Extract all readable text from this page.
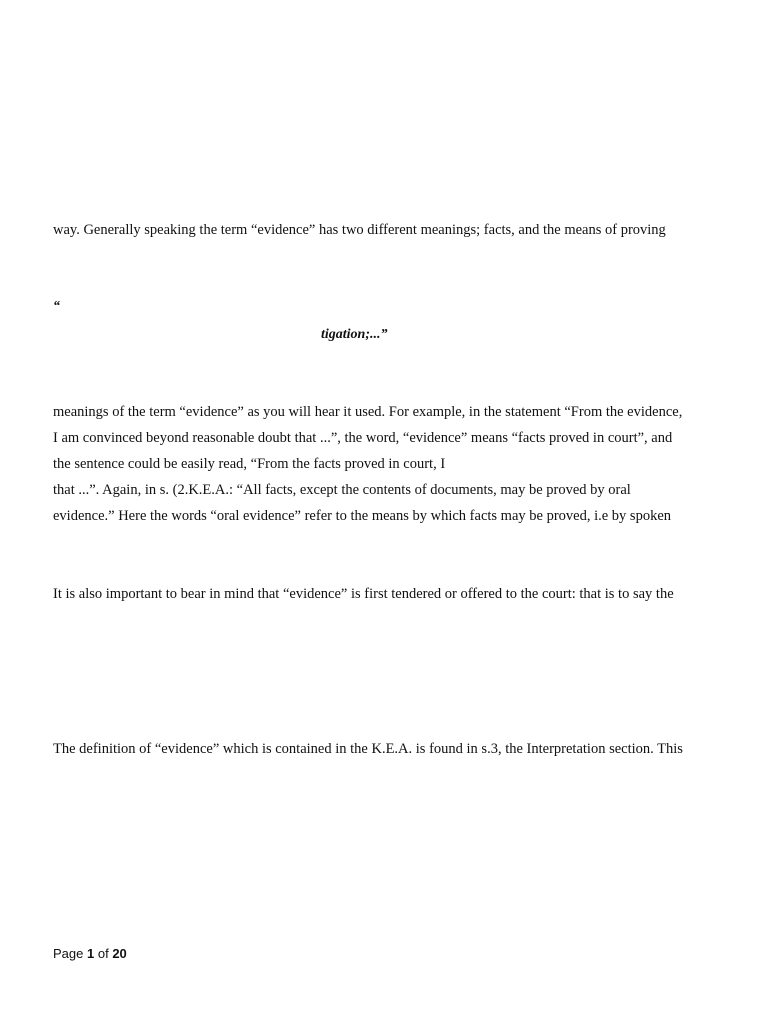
way. Generally speaking the term “evidence” has two different meanings; facts, and the means of proving
“
tigation;...”
meanings of the term “evidence” as you will hear it used. For example, in the statement “From the evidence,
I am convinced beyond reasonable doubt that ...”, the word, “evidence” means “facts proved in court”, and
the sentence could be easily read, “From the facts proved in court, I
that ...”. Again, in s. (2.K.E.A.: “All facts, except the contents of documents, may be proved by oral
evidence.” Here the words “oral evidence” refer to the means by which facts may be proved, i.e by spoken
It is also important to bear in mind that “evidence” is first tendered or offered to the court: that is to say the
The definition of “evidence” which is contained in the K.E.A. is found in s.3, the Interpretation section. This
Page 1 of 20
